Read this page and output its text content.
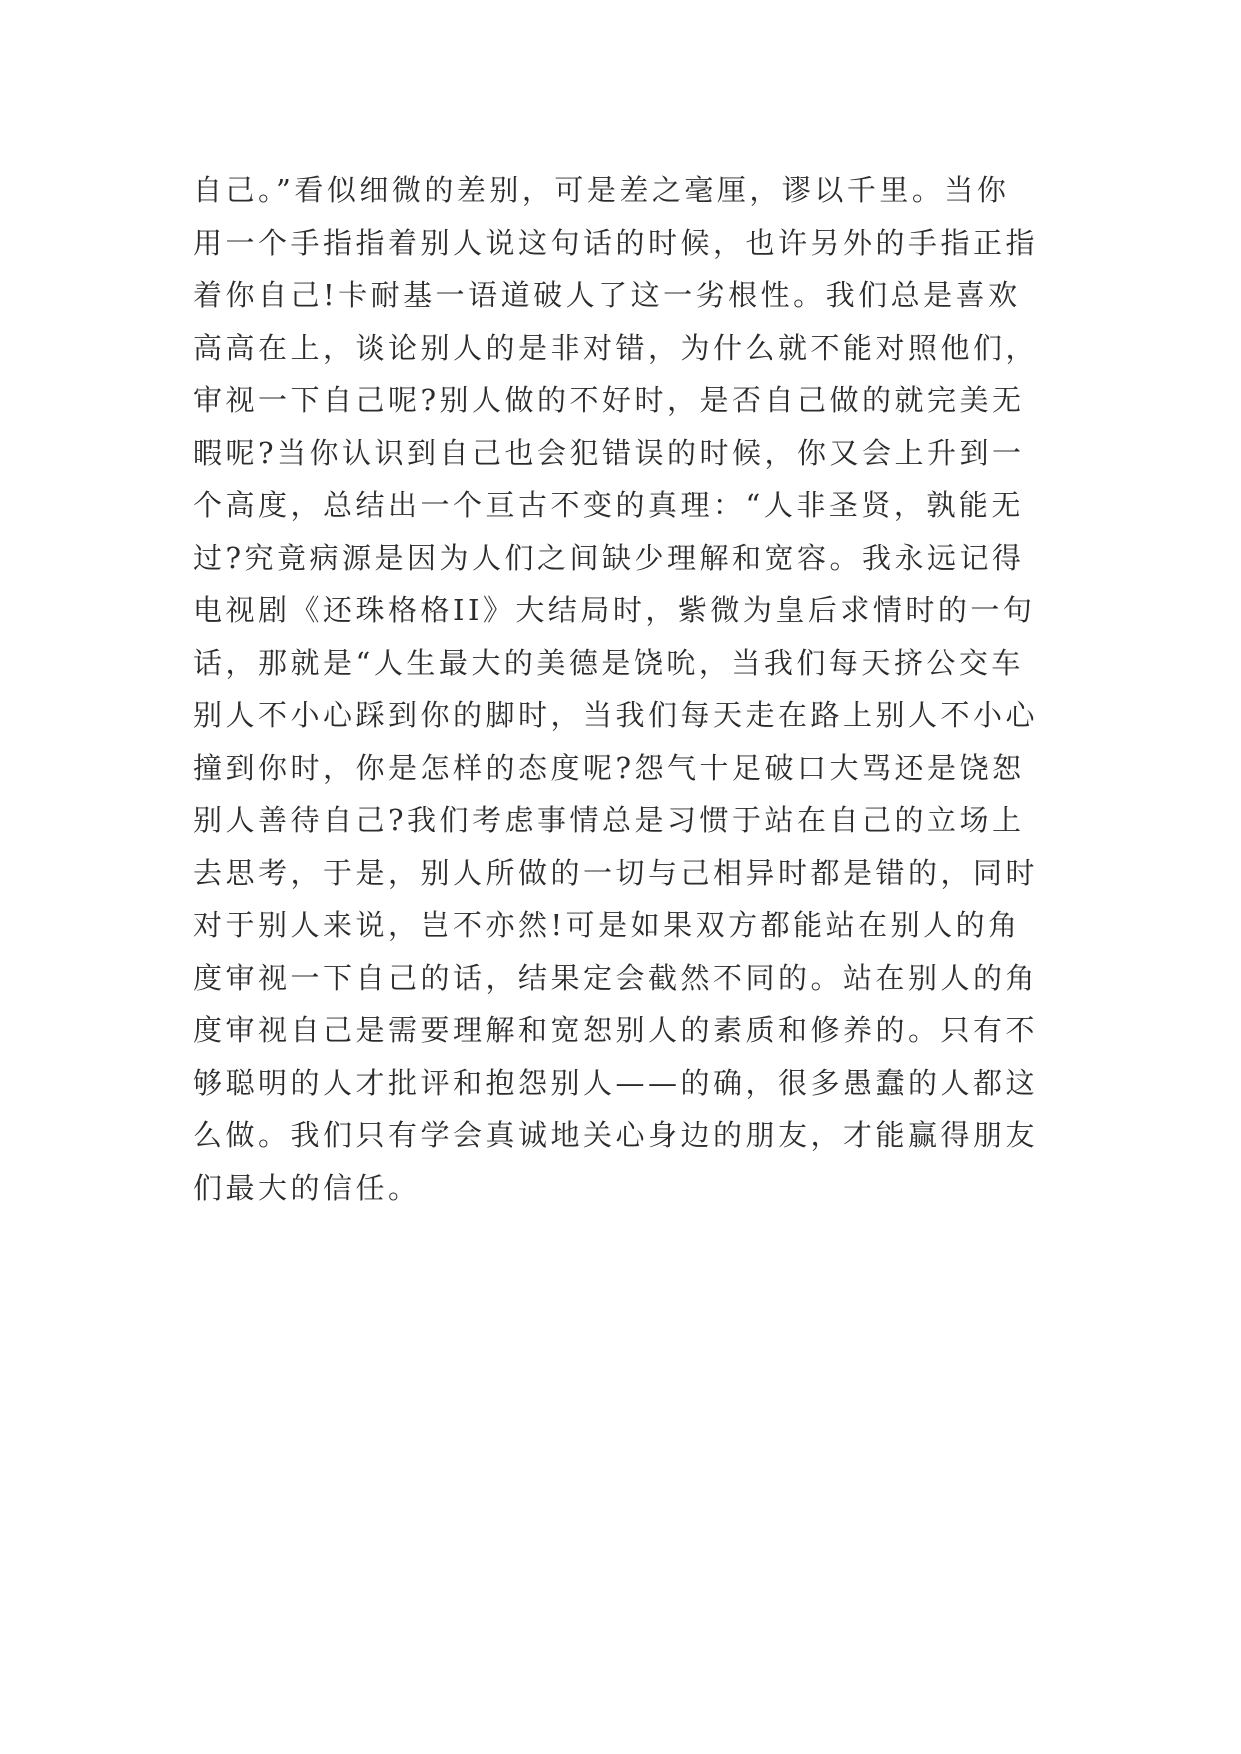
自己。”看似细微的差别，可是差之毫厘，谬以千里。当你
用一个手指指着别人说这句话的时候，也许另外的手指正指
着你自己!卡耐基一语道破人了这一劣根性。我们总是喜欢
高高在上，谈论别人的是非对错，为什么就不能对照他们，
审视一下自己呢?别人做的不好时，是否自己做的就完美无
暇呢?当你认识到自己也会犯错误的时候，你又会上升到一
个高度，总结出一个亘古不变的真理：“人非圣贤，孰能无
过?究竟病源是因为人们之间缺少理解和宽容。我永远记得
电视剧《还珠格格II》大结局时，紫微为皇后求情时的一句
话，那就是“人生最大的美德是饶吮，当我们每天挤公交车
别人不小心踩到你的脚时，当我们每天走在路上别人不小心
撞到你时，你是怎样的态度呢?怨气十足破口大骂还是饶恕
别人善待自己?我们考虑事情总是习惯于站在自己的立场上
去思考，于是，别人所做的一切与己相异时都是错的，同时
对于别人来说，岂不亦然!可是如果双方都能站在别人的角
度审视一下自己的话，结果定会截然不同的。站在别人的角
度审视自己是需要理解和宽恕别人的素质和修养的。只有不
够聪明的人才批评和抱怨别人——的确，很多愚蠢的人都这
么做。我们只有学会真诚地关心身边的朋友，才能赢得朋友
们最大的信任。
